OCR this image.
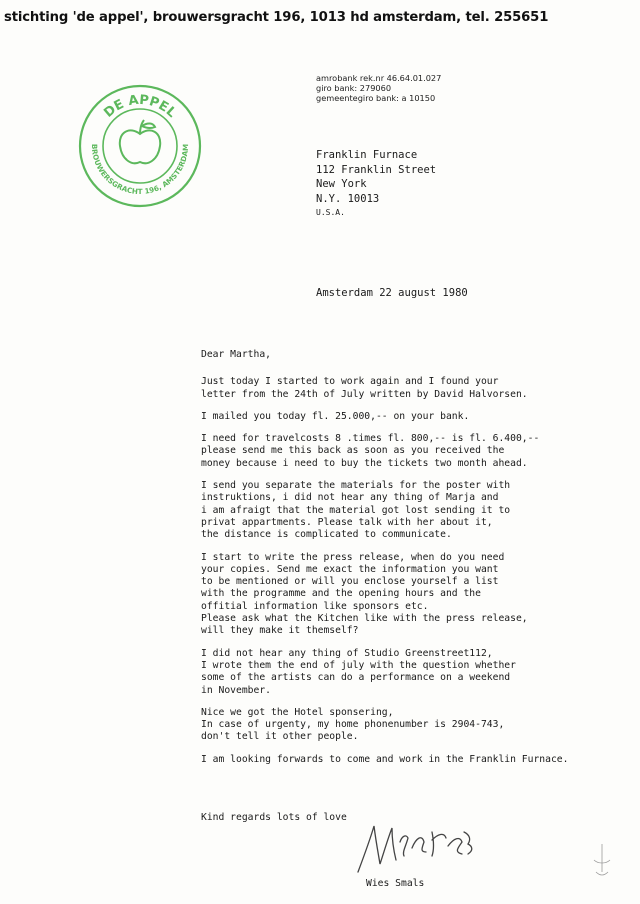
stichting 'de appel', brouwersgracht 196, 1013 hd amsterdam, tel. 255651
amrobank rek.nr 46.64.01.027
giro bank: 279060
gemeentegiro bank: a 10150
DE APPEL
BROUWERSGRACHT 196, AMSTERDAM
Franklin Furnace
112 Franklin Street
New York
N.Y. 10013
U.S.A.
Amsterdam 22 august 1980
Dear Martha,
Just today I started to work again and I found your
letter from the 24th of July written by David Halvorsen.
I mailed you today fl. 25.000,-- on your bank.
I need for travelcosts 8 .times fl. 800,-- is fl. 6.400,--
please send me this back as soon as you received the
money because i need to buy the tickets two month ahead.
I send you separate the materials for the poster with
instruktions, i did not hear any thing of Marja and
i am afraigt that the material got lost sending it to
privat appartments. Please talk with her about it,
the distance is complicated to communicate.
I start to write the press release, when do you need
your copies. Send me exact the information you want
to be mentioned or will you enclose yourself a list
with the programme and the opening hours and the
offitial information like sponsors etc.
Please ask what the Kitchen like with the press release,
will they make it themself?
I did not hear any thing of Studio Greenstreet112,
I wrote them the end of july with the question whether
some of the artists can do a performance on a weekend
in November.
Nice we got the Hotel sponsering,
In case of urgenty, my home phonenumber is 2904-743,
don't tell it other people.
I am looking forwards to come and work in the Franklin Furnace.
Kind regards lots of love
Wies Smals
